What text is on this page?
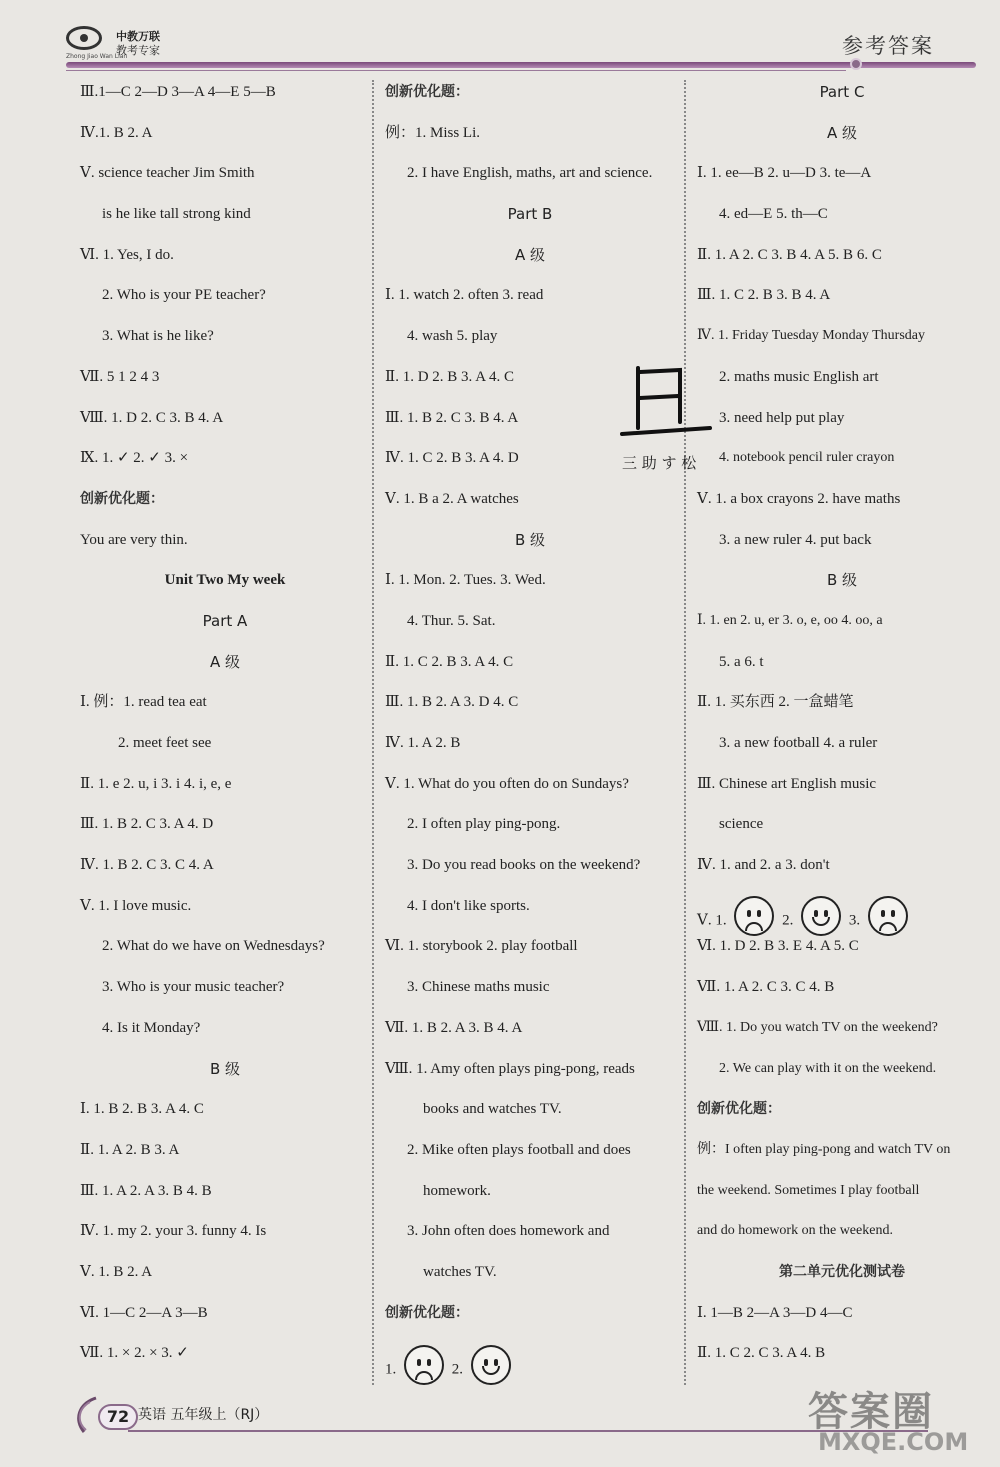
中教万联
教考专家
Zhong Jiao Wan Lian	参考答案
Ⅲ.1—C 2—D 3—A 4—E 5—B
Ⅳ.1. B 2. A
Ⅴ. science teacher Jim Smith
is he like tall strong kind
Ⅵ. 1. Yes, I do.
2. Who is your PE teacher?
3. What is he like?
Ⅶ. 5 1 2 4 3
Ⅷ. 1. D 2. C 3. B 4. A
Ⅸ. 1. ✓ 2. ✓ 3. ×
创新优化题：
You are very thin.
Unit Two My week
Part A
A 级
Ⅰ. 例：1. read tea eat
2. meet feet see
Ⅱ. 1. e 2. u, i 3. i 4. i, e, e
Ⅲ. 1. B 2. C 3. A 4. D
Ⅳ. 1. B 2. C 3. C 4. A
Ⅴ. 1. I love music.
2. What do we have on Wednesdays?
3. Who is your music teacher?
4. Is it Monday?
B 级
Ⅰ. 1. B 2. B 3. A 4. C
Ⅱ. 1. A 2. B 3. A
Ⅲ. 1. A 2. A 3. B 4. B
Ⅳ. 1. my 2. your 3. funny 4. Is
Ⅴ. 1. B 2. A
Ⅵ. 1—C 2—A 3—B
Ⅶ. 1. × 2. × 3. ✓
创新优化题：
例：1. Miss Li.
2. I have English, maths, art and science.
Part B
A 级
Ⅰ. 1. watch 2. often 3. read
4. wash 5. play
Ⅱ. 1. D 2. B 3. A 4. C
Ⅲ. 1. B 2. C 3. B 4. A
Ⅳ. 1. C 2. B 3. A 4. D
Ⅴ. 1. B a 2. A watches
B 级
Ⅰ. 1. Mon. 2. Tues. 3. Wed.
4. Thur. 5. Sat.
Ⅱ. 1. C 2. B 3. A 4. C
Ⅲ. 1. B 2. A 3. D 4. C
Ⅳ. 1. A 2. B
Ⅴ. 1. What do you often do on Sundays?
2. I often play ping-pong.
3. Do you read books on the weekend?
4. I don't like sports.
Ⅵ. 1. storybook 2. play football
3. Chinese maths music
Ⅶ. 1. B 2. A 3. B 4. A
Ⅷ. 1. Amy often plays ping-pong, reads
books and watches TV.
2. Mike often plays football and does
homework.
3. John often does homework and
watches TV.
创新优化题：
1.	2.
Part C
A 级
Ⅰ. 1. ee—B 2. u—D 3. te—A
4. ed—E 5. th—C
Ⅱ. 1. A 2. C 3. B 4. A 5. B 6. C
Ⅲ. 1. C 2. B 3. B 4. A
Ⅳ. 1. Friday Tuesday Monday Thursday
2. maths music English art
3. need help put play
4. notebook pencil ruler crayon
Ⅴ. 1. a box crayons 2. have maths
3. a new ruler 4. put back
B 级
Ⅰ. 1. en 2. u, er 3. o, e, oo 4. oo, a
5. a 6. t
Ⅱ. 1. 买东西 2. 一盒蜡笔
3. a new football 4. a ruler
Ⅲ. Chinese art English music
science
Ⅳ. 1. and 2. a 3. don't
Ⅴ. 1.	2.	3.
Ⅵ. 1. D 2. B 3. E 4. A 5. C
Ⅶ. 1. A 2. C 3. C 4. B
Ⅷ. 1. Do you watch TV on the weekend?
2. We can play with it on the weekend.
创新优化题：
例：I often play ping-pong and watch TV on
the weekend. Sometimes I play football
and do homework on the weekend.
第二单元优化测试卷
Ⅰ. 1—B 2—A 3—D 4—C
Ⅱ. 1. C 2. C 3. A 4. B
三 助 す 松
72 英语 五年级上（RJ）	答案圈
MXQE.COM
